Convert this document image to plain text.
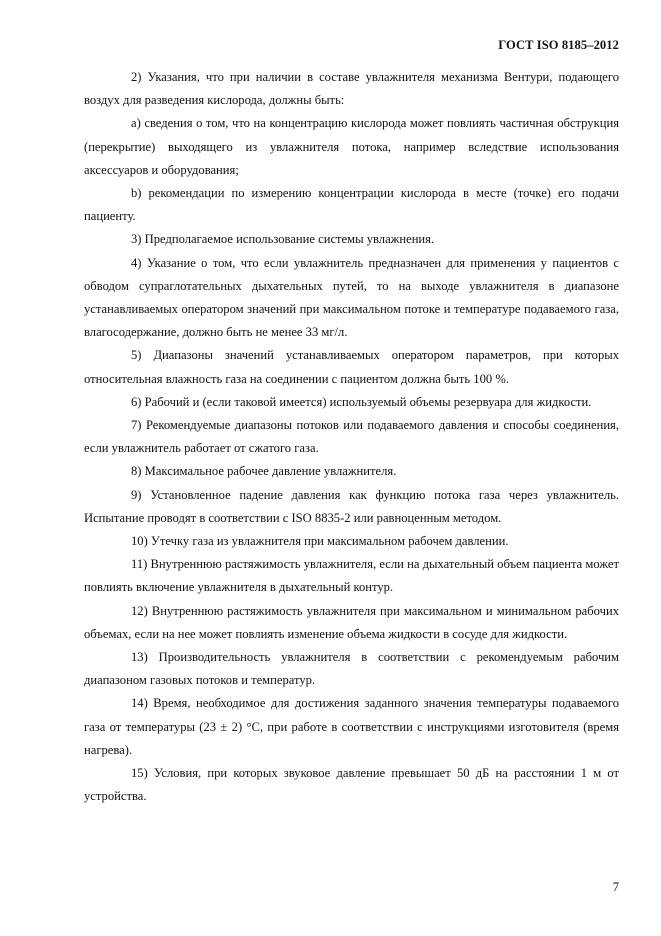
ГОСТ ISO 8185–2012

2) Указания, что при наличии в составе увлажнителя механизма Вентури, подающего воздух для разведения кислорода, должны быть:

а) сведения о том, что на концентрацию кислорода может повлиять частичная обструкция (перекрытие) выходящего из увлажнителя потока, например вследствие использования аксессуаров и оборудования;

b) рекомендации по измерению концентрации кислорода в месте (точке) его подачи пациенту.

3) Предполагаемое использование системы увлажнения.

4) Указание о том, что если увлажнитель предназначен для применения у пациентов с обводом супраглотательных дыхательных путей, то на выходе увлажнителя в диапазоне устанавливаемых оператором значений при максимальном потоке и температуре подаваемого газа, влагосодержание, должно быть не менее 33 мг/л.

5) Диапазоны значений устанавливаемых оператором параметров, при которых относительная влажность газа на соединении с пациентом должна быть 100 %.

6) Рабочий и (если таковой имеется) используемый объемы резервуара для жидкости.

7) Рекомендуемые диапазоны потоков или подаваемого давления и способы соединения, если увлажнитель работает от сжатого газа.

8) Максимальное рабочее давление увлажнителя.

9) Установленное падение давления как функцию потока газа через увлажнитель. Испытание проводят в соответствии с ISO 8835-2 или равноценным методом.

10) Утечку газа из увлажнителя при максимальном рабочем давлении.

11) Внутреннюю растяжимость увлажнителя, если на дыхательный объем пациента может повлиять включение увлажнителя в дыхательный контур.

12) Внутреннюю растяжимость увлажнителя при максимальном и минимальном рабочих объемах, если на нее может повлиять изменение объема жидкости в сосуде для жидкости.

13) Производительность увлажнителя в соответствии с рекомендуемым рабочим диапазоном газовых потоков и температур.

14) Время, необходимое для достижения заданного значения температуры подаваемого газа от температуры (23 ± 2) °С, при работе в соответствии с инструкциями изготовителя (время нагрева).

15) Условия, при которых звуковое давление превышает 50 дБ на расстоянии 1 м от устройства.

7
